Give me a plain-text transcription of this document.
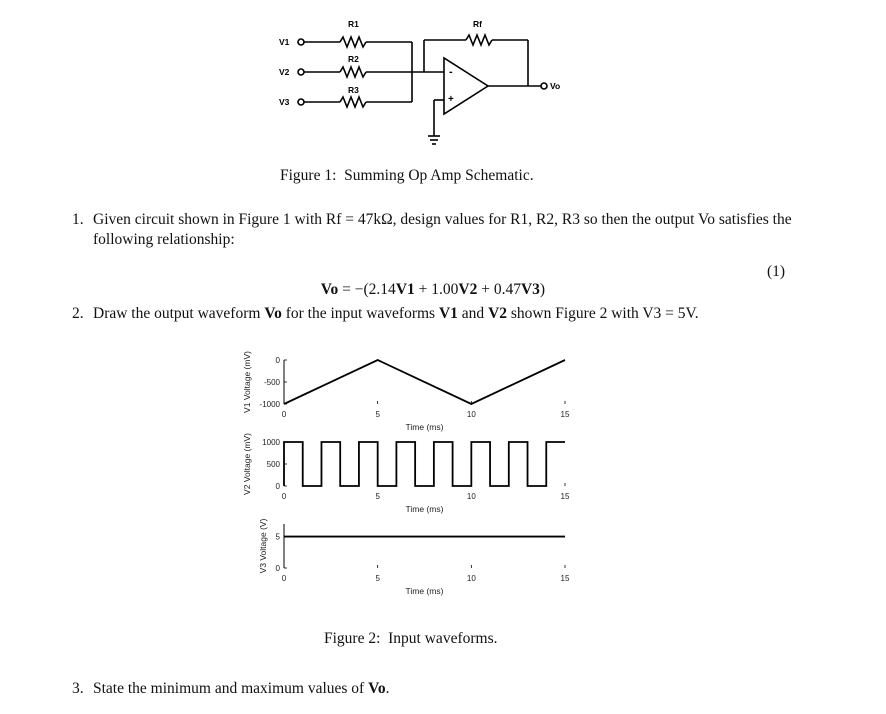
V1
V2
V3
R1
R2
R3
Rf
Vo
-
+
Figure 1:  Summing Op Amp Schematic.
1. Given circuit shown in Figure 1 with Rf = 47kΩ, design values for R1, R2, R3 so then the output Vo satisfies the following relationship:

Vo = −(2.14V1 + 1.00V2 + 0.47V3)

(1)
2. Draw the output waveform Vo for the input waveforms V1 and V2 shown Figure 2 with V3 = 5V.
0	5	10	15
0
-500
-1000
Time (ms)
V1 Voltage (mV)
0	5	10	15
1000
500
0
Time (ms)
V2 Voltage (mV)
0	5	10	15
5
0
Time (ms)
V3 Voltage (V)
Figure 2:  Input waveforms.
3. State the minimum and maximum values of Vo.
